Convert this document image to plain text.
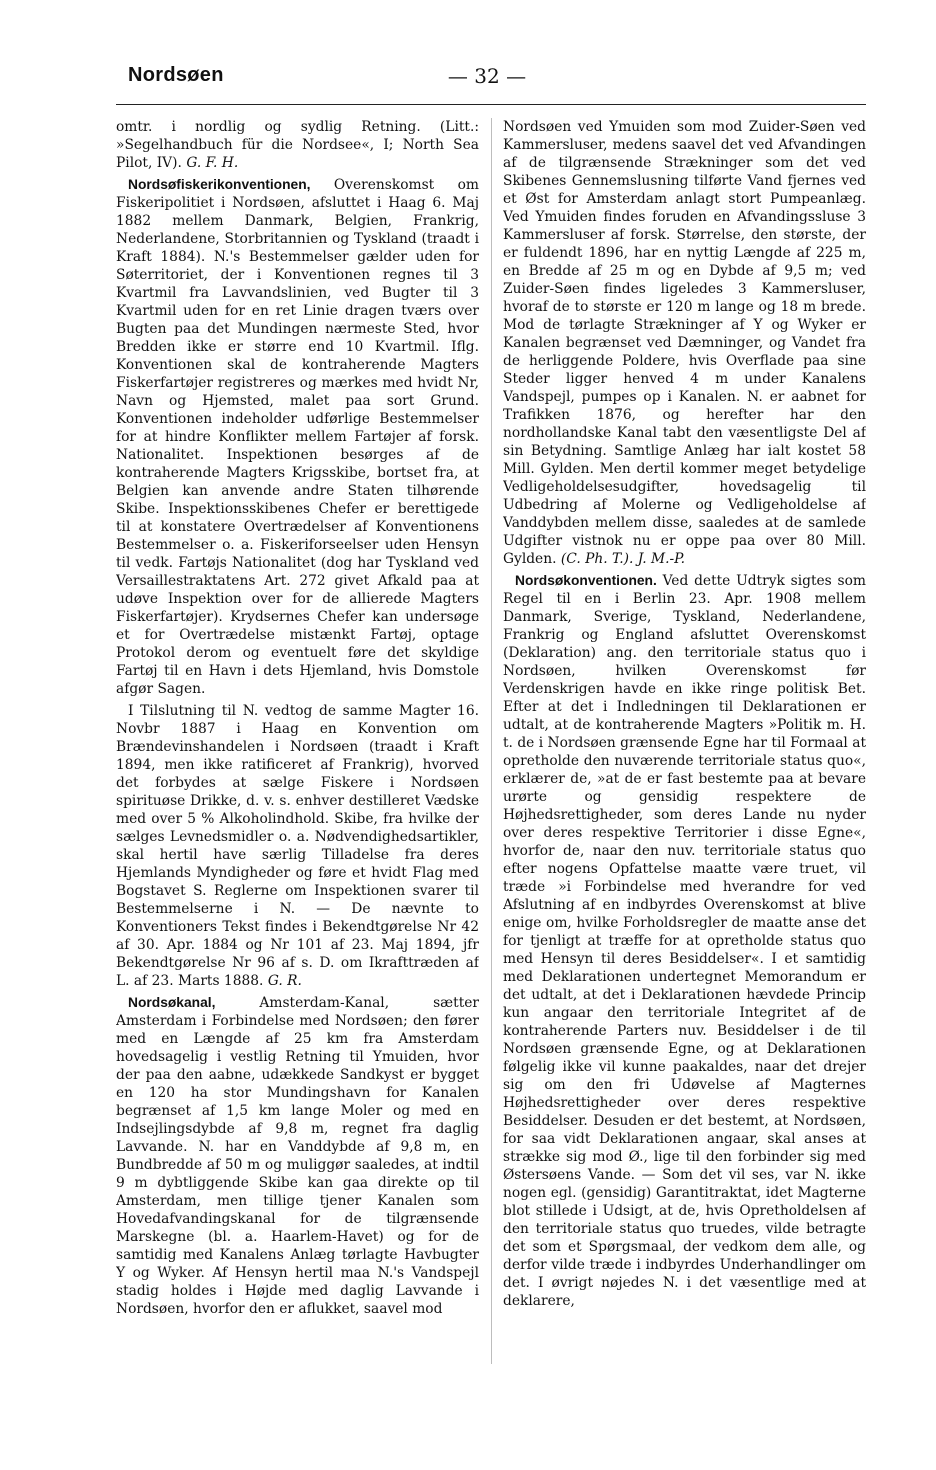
Nordsøen	— 32 —

omtr. i nordlig og sydlig Retning. (Litt.: »Segelhandbuch für die Nordsee«, I; North Sea Pilot, IV). G. F. H.

Nordsøfiskerikonventionen, Overenskomst om Fiskeripolitiet i Nordsøen, afsluttet i Haag 6. Maj 1882 mellem Danmark, Belgien, Frankrig, Nederlandene, Storbritannien og Tyskland (traadt i Kraft 1884). N.'s Bestemmelser gælder uden for Søterritoriet, der i Konventionen regnes til 3 Kvartmil fra Lavvandslinien, ved Bugter til 3 Kvartmil uden for en ret Linie dragen tværs over Bugten paa det Mundingen nærmeste Sted, hvor Bredden ikke er større end 10 Kvartmil. Iflg. Konventionen skal de kontraherende Magters Fiskerfartøjer registreres og mærkes med hvidt Nr, Navn og Hjemsted, malet paa sort Grund. Konventionen indeholder udførlige Bestemmelser for at hindre Konflikter mellem Fartøjer af forsk. Nationalitet. Inspektionen besørges af de kontraherende Magters Krigsskibe, bortset fra, at Belgien kan anvende andre Staten tilhørende Skibe. Inspektionsskibenes Chefer er berettigede til at konstatere Overtrædelser af Konventionens Bestemmelser o. a. Fiskeriforseelser uden Hensyn til vedk. Fartøjs Nationalitet (dog har Tyskland ved Versaillestraktatens Art. 272 givet Afkald paa at udøve Inspektion over for de allierede Magters Fiskerfartøjer). Krydsernes Chefer kan undersøge et for Overtrædelse mistænkt Fartøj, optage Protokol derom og eventuelt føre det skyldige Fartøj til en Havn i dets Hjemland, hvis Domstole afgør Sagen.

I Tilslutning til N. vedtog de samme Magter 16. Novbr 1887 i Haag en Konvention om Brændevinshandelen i Nordsøen (traadt i Kraft 1894, men ikke ratificeret af Frankrig), hvorved det forbydes at sælge Fiskere i Nordsøen spirituøse Drikke, d. v. s. enhver destilleret Vædske med over 5 % Alkoholindhold. Skibe, fra hvilke der sælges Levnedsmidler o. a. Nødvendighedsartikler, skal hertil have særlig Tilladelse fra deres Hjemlands Myndigheder og føre et hvidt Flag med Bogstavet S. Reglerne om Inspektionen svarer til Bestemmelserne i N. — De nævnte to Konventioners Tekst findes i Bekendtgørelse Nr 42 af 30. Apr. 1884 og Nr 101 af 23. Maj 1894, jfr Bekendtgørelse Nr 96 af s. D. om Ikrafttræden af L. af 23. Marts 1888. G. R.

Nordsøkanal,	Amsterdam-Kanal, sætter Amsterdam i Forbindelse med Nordsøen; den fører med en Længde af 25 km fra Amsterdam hovedsagelig i vestlig Retning til Ymuiden, hvor der paa den aabne, udækkede Sandkyst er bygget en 120 ha stor Mundingshavn for Kanalen begrænset af 1,5 km lange Moler og med en Indsejlingsdybde af 9,8 m, regnet fra daglig Lavvande. N. har en Vanddybde af 9,8 m, en Bundbredde af 50 m og muliggør saaledes, at indtil 9 m dybtliggende Skibe kan gaa direkte op til Amsterdam, men tillige tjener Kanalen som Hovedafvandingskanal for de tilgrænsende Marskegne (bl. a. Haarlem-Havet) og for de samtidig med Kanalens Anlæg tørlagte Havbugter Y og Wyker. Af Hensyn hertil maa N.'s Vandspejl stadig holdes i Højde med daglig Lavvande i Nordsøen, hvorfor den er aflukket, saavel mod

Nordsøen ved Ymuiden som mod Zuider-Søen ved Kammersluser, medens saavel det ved Afvandingen af de tilgrænsende Strækninger som det ved Skibenes Gennemslusning tilførte Vand fjernes ved et Øst for Amsterdam anlagt stort Pumpeanlæg. Ved Ymuiden findes foruden en Afvandingssluse 3 Kammersluser af forsk. Størrelse, den største, der er fuldendt 1896, har en nyttig Længde af 225 m, en Bredde af 25 m og en Dybde af 9,5 m; ved Zuider-Søen findes ligeledes 3 Kammersluser, hvoraf de to største er 120 m lange og 18 m brede. Mod de tørlagte Strækninger af Y og Wyker er Kanalen begrænset ved Dæmninger, og Vandet fra de herliggende Poldere, hvis Overflade paa sine Steder ligger henved 4 m under Kanalens Vandspejl, pumpes op i Kanalen. N. er aabnet for Trafikken 1876, og herefter har den nordhollandske Kanal tabt den væsentligste Del af sin Betydning. Samtlige Anlæg har ialt kostet 58 Mill. Gylden. Men dertil kommer meget betydelige Vedligeholdelsesudgifter, hovedsagelig til Udbedring af Molerne og Vedligeholdelse af Vanddybden mellem disse, saaledes at de samlede Udgifter vistnok nu er oppe paa over 80 Mill. Gylden. (C. Ph. T.). J. M.-P.

Nordsøkonventionen. Ved dette Udtryk sigtes som Regel til en i Berlin 23. Apr. 1908 mellem Danmark, Sverige, Tyskland, Nederlandene, Frankrig og England afsluttet Overenskomst (Deklaration) ang. den territoriale status quo i Nordsøen, hvilken Overenskomst før Verdenskrigen havde en ikke ringe politisk Bet. Efter at det i Indledningen til Deklarationen er udtalt, at de kontraherende Magters »Politik m. H. t. de i Nordsøen grænsende Egne har til Formaal at opretholde den nuværende territoriale status quo«, erklærer de, »at de er fast bestemte paa at bevare urørte og gensidig respektere de Højhedsrettigheder, som deres Lande nu nyder over deres respektive Territorier i disse Egne«, hvorfor de, naar den nuv. territoriale status quo efter nogens Opfattelse maatte være truet, vil træde »i Forbindelse med hverandre for ved Afslutning af en indbyrdes Overenskomst at blive enige om, hvilke Forholdsregler de maatte anse det for tjenligt at træffe for at opretholde status quo med Hensyn til deres Besiddelser«. I et samtidig med Deklarationen undertegnet Memorandum er det udtalt, at det i Deklarationen hævdede Princip kun angaar den territoriale Integritet af de kontraherende Parters nuv. Besiddelser i de til Nordsøen grænsende Egne, og at Deklarationen følgelig ikke vil kunne paakaldes, naar det drejer sig om den fri Udøvelse af Magternes Højhedsrettigheder over deres respektive Besiddelser. Desuden er det bestemt, at Nordsøen, for saa vidt Deklarationen angaar, skal anses at strække sig mod Ø., lige til den forbinder sig med Østersøens Vande. — Som det vil ses, var N. ikke nogen egl. (gensidig) Garantitraktat, idet Magterne blot stillede i Udsigt, at de, hvis Opretholdelsen af den territoriale status quo truedes, vilde betragte det som et Spørgsmaal, der vedkom dem alle, og derfor vilde træde i indbyrdes Underhandlinger om det. I øvrigt nøjedes N. i det væsentlige med at deklarere,
